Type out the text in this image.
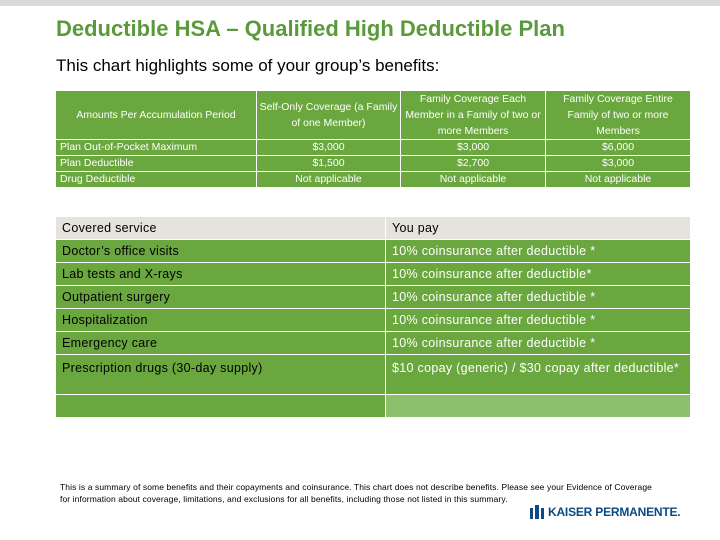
Deductible HSA – Qualified High Deductible Plan
This chart highlights some of your group’s benefits:
Amounts Per Accumulation Period	Self-Only Coverage (a Family of one Member)	Family Coverage Each Member in a Family of two or more Members	Family Coverage Entire Family of two or more Members
Plan Out-of-Pocket Maximum	$3,000	$3,000	$6,000
Plan Deductible	$1,500	$2,700	$3,000
Drug Deductible	Not applicable	Not applicable	Not applicable
Covered service	You pay
Doctor’s office visits	10% coinsurance after deductible *
Lab tests and X-rays	10% coinsurance after deductible*
Outpatient surgery	10% coinsurance after deductible *
Hospitalization	10% coinsurance after deductible *
Emergency care	10% coinsurance after deductible *
Prescription drugs (30-day supply)	$10 copay (generic) / $30 copay after deductible*

This is a summary of some benefits and their copayments and coinsurance. This chart does not describe benefits. Please see your Evidence of Coverage for information about coverage, limitations, and exclusions for all benefits, including those not listed in this summary.
KAISER PERMANENTE.
